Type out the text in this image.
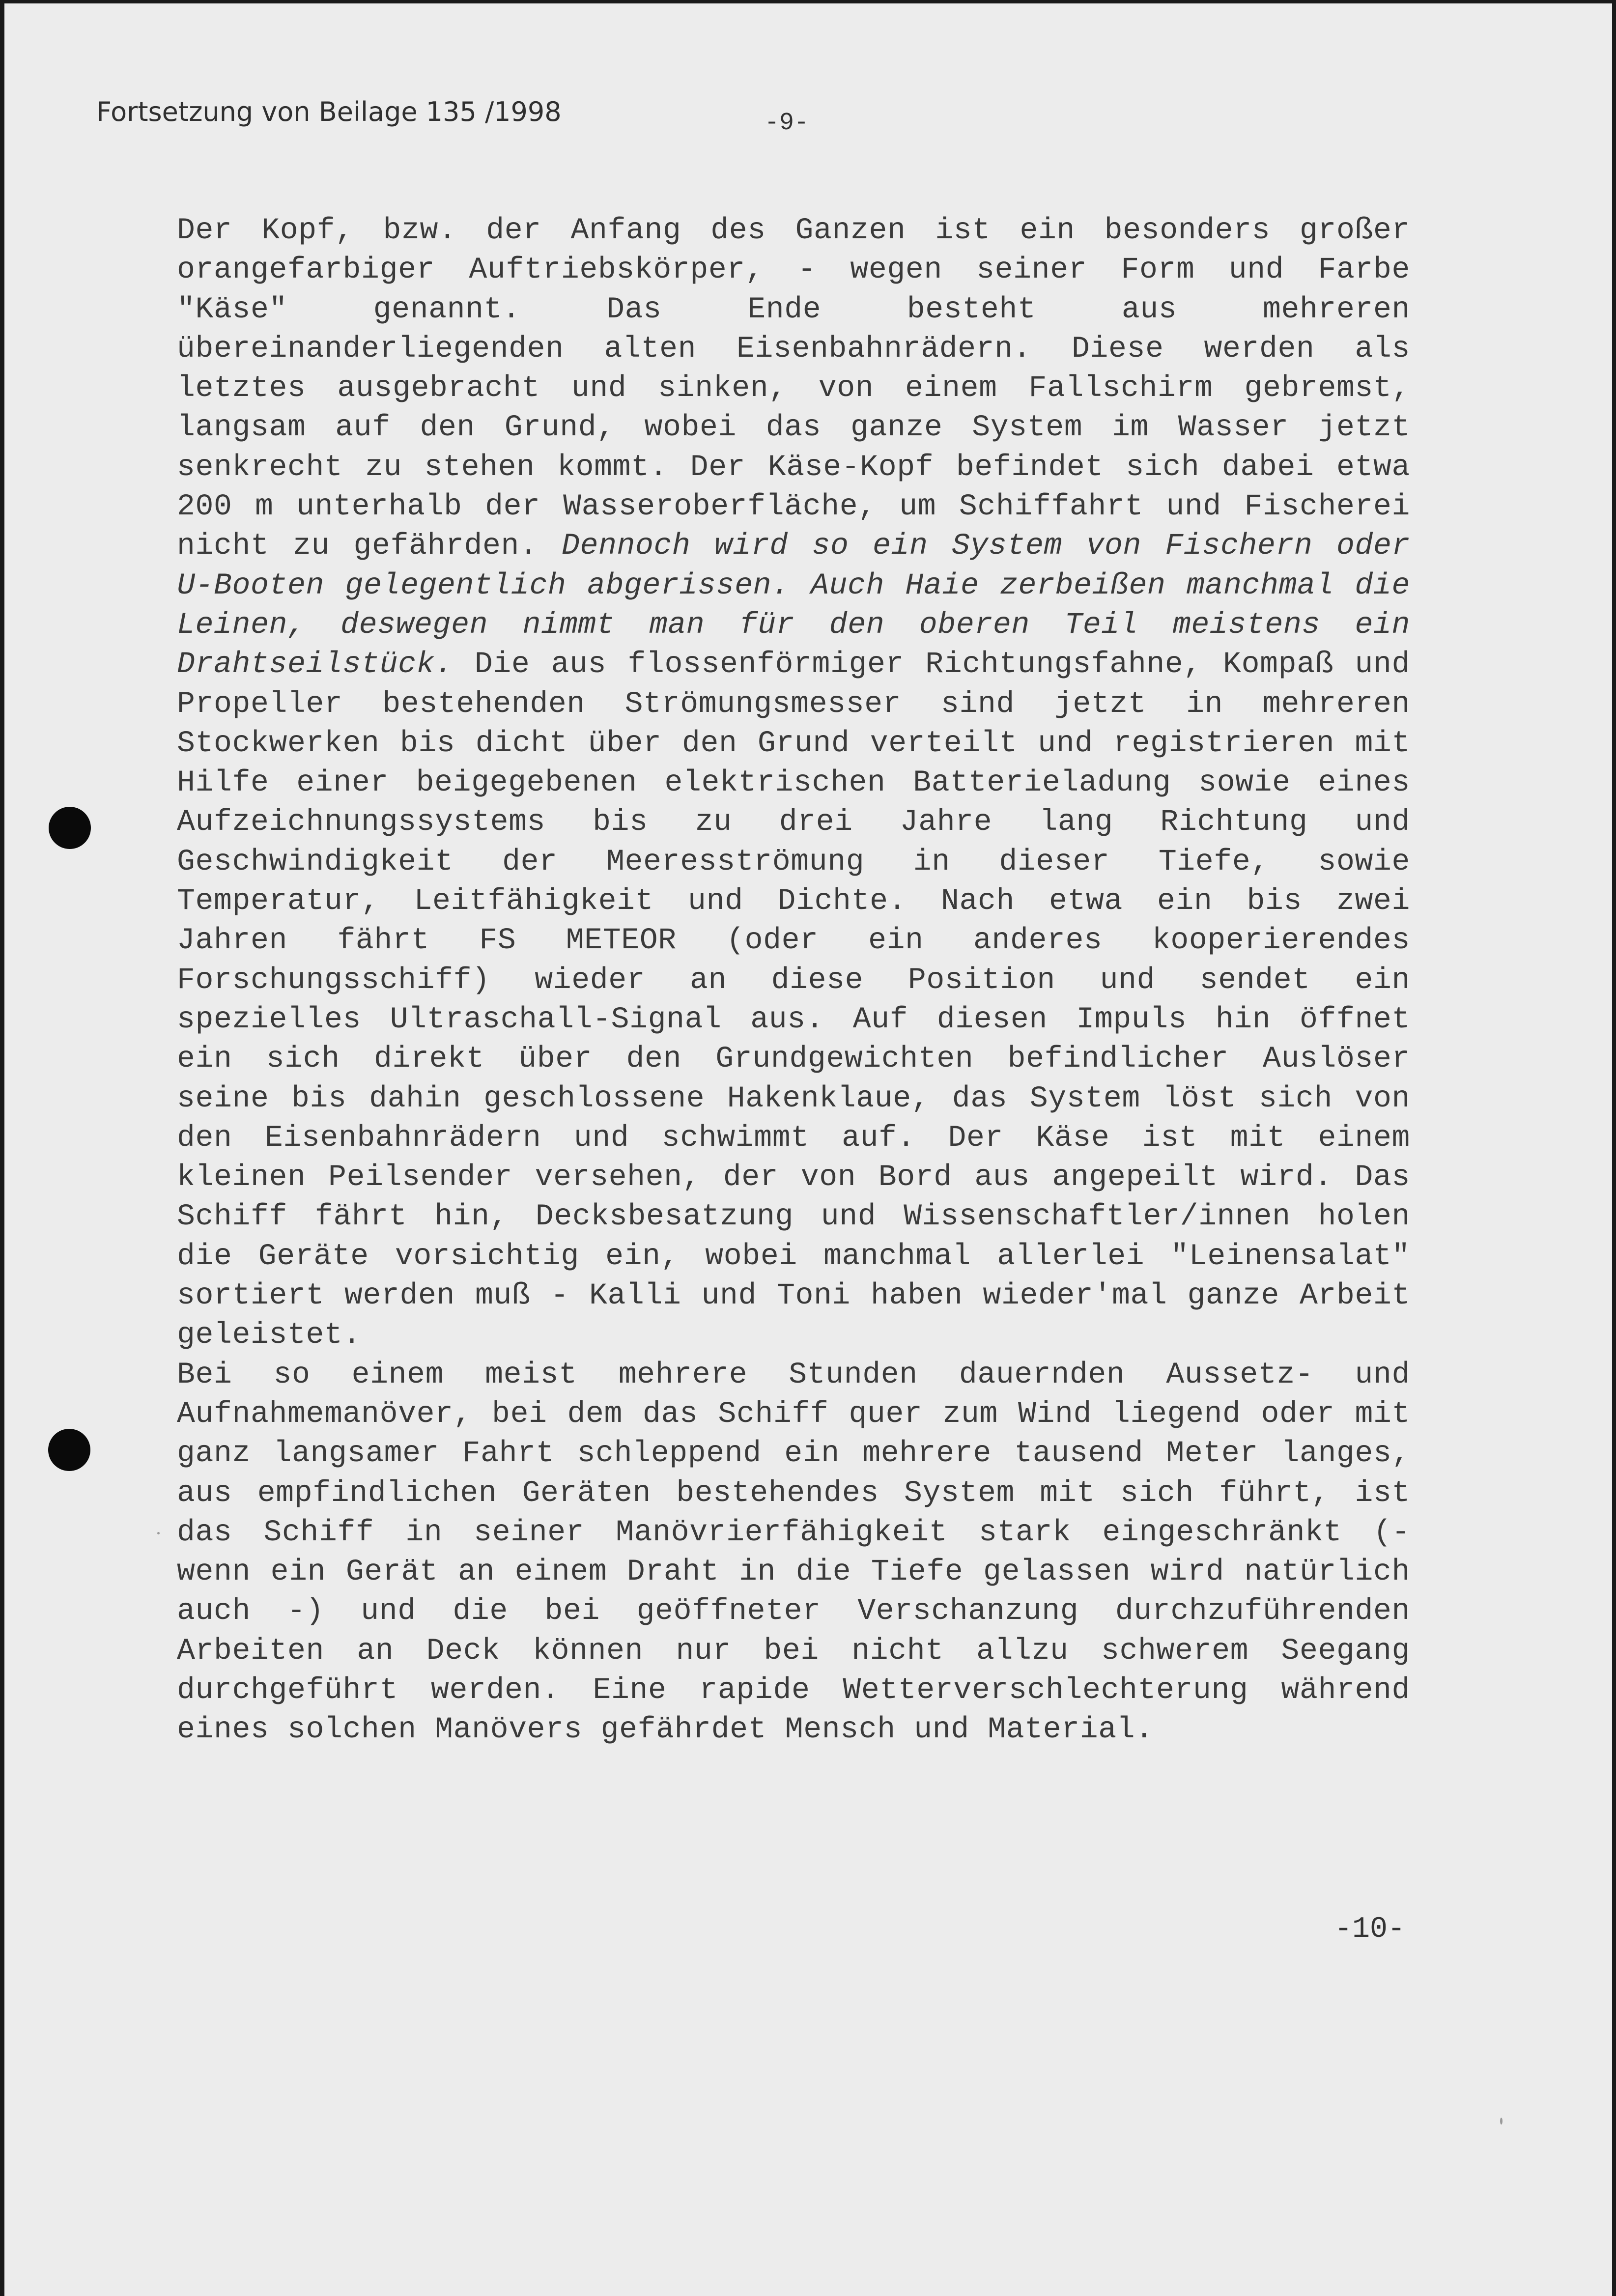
Fortsetzung von Beilage 135 /1998	-9-

Der Kopf, bzw. der Anfang des Ganzen ist ein besonders großer orangefarbiger Auftriebskörper, - wegen seiner Form und Farbe "Käse" genannt. Das Ende besteht aus mehreren übereinanderliegenden alten Eisenbahnrädern. Diese werden als letztes ausgebracht und sinken, von einem Fallschirm gebremst, langsam auf den Grund, wobei das ganze System im Wasser jetzt senkrecht zu stehen kommt. Der Käse-Kopf befindet sich dabei etwa 200 m unterhalb der Wasseroberfläche, um Schiffahrt und Fischerei nicht zu gefährden. Dennoch wird so ein System von Fischern oder U-Booten gelegentlich abgerissen. Auch Haie zerbeißen manchmal die Leinen, deswegen nimmt man für den oberen Teil meistens ein Drahtseilstück. Die aus flossenförmiger Richtungsfahne, Kompaß und Propeller bestehenden Strömungsmesser sind jetzt in mehreren Stockwerken bis dicht über den Grund verteilt und registrieren mit Hilfe einer beigegebenen elektrischen Batterieladung sowie eines Aufzeichnungssystems bis zu drei Jahre lang Richtung und Geschwindigkeit der Meeresströmung in dieser Tiefe, sowie Temperatur, Leitfähigkeit und Dichte. Nach etwa ein bis zwei Jahren fährt FS METEOR (oder ein anderes kooperierendes Forschungsschiff) wieder an diese Position und sendet ein spezielles Ultraschall-Signal aus. Auf diesen Impuls hin öffnet ein sich direkt über den Grundgewichten befindlicher Auslöser seine bis dahin geschlossene Hakenklaue, das System löst sich von den Eisenbahnrädern und schwimmt auf. Der Käse ist mit einem kleinen Peilsender versehen, der von Bord aus angepeilt wird. Das Schiff fährt hin, Decksbesatzung und Wissenschaftler/innen holen die Geräte vorsichtig ein, wobei manchmal allerlei "Leinensalat" sortiert werden muß - Kalli und Toni haben wieder'mal ganze Arbeit geleistet.

Bei so einem meist mehrere Stunden dauernden Aussetz- und Aufnahmemanöver, bei dem das Schiff quer zum Wind liegend oder mit ganz langsamer Fahrt schleppend ein mehrere tausend Meter langes, aus empfindlichen Geräten bestehendes System mit sich führt, ist das Schiff in seiner Manövrierfähigkeit stark eingeschränkt (- wenn ein Gerät an einem Draht in die Tiefe gelassen wird natürlich auch -) und die bei geöffneter Verschanzung durchzuführenden Arbeiten an Deck können nur bei nicht allzu schwerem Seegang durchgeführt werden. Eine rapide Wetterverschlechterung während eines solchen Manövers gefährdet Mensch und Material.

-10-
